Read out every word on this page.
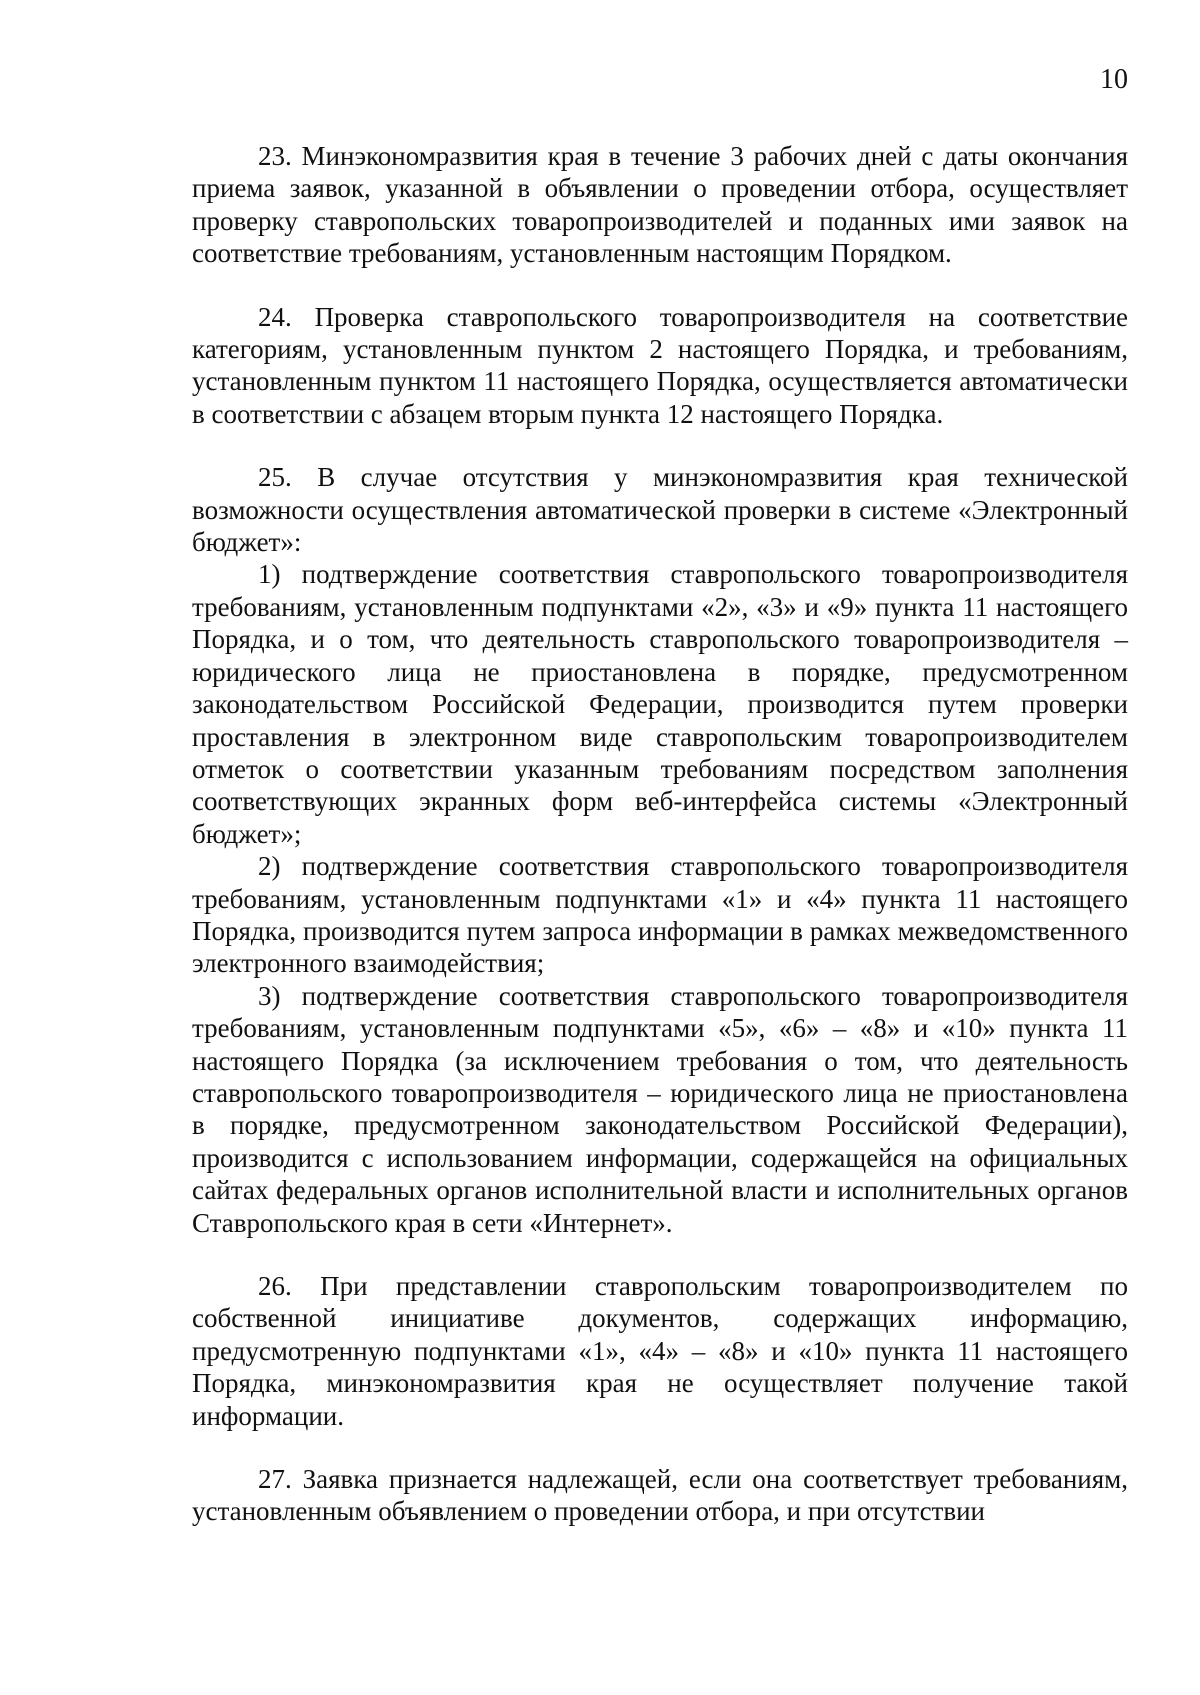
10

23. Минэкономразвития края в течение 3 рабочих дней с даты окончания приема заявок, указанной в объявлении о проведении отбора, осуществляет проверку ставропольских товаропроизводителей и поданных ими заявок на соответствие требованиям, установленным настоящим Порядком.

24. Проверка ставропольского товаропроизводителя на соответствие категориям, установленным пунктом 2 настоящего Порядка, и требованиям, установленным пунктом 11 настоящего Порядка, осуществляется автоматически в соответствии с абзацем вторым пункта 12 настоящего Порядка.

25. В случае отсутствия у минэкономразвития края технической возможности осуществления автоматической проверки в системе «Электронный бюджет»:

1) подтверждение соответствия ставропольского товаропроизводителя требованиям, установленным подпунктами «2», «3» и «9» пункта 11 настоящего Порядка, и о том, что деятельность ставропольского товаропроизводителя – юридического лица не приостановлена в порядке, предусмотренном законодательством Российской Федерации, производится путем проверки проставления в электронном виде ставропольским товаропроизводителем отметок о соответствии указанным требованиям посредством заполнения соответствующих экранных форм веб-интерфейса системы «Электронный бюджет»;

2) подтверждение соответствия ставропольского товаропроизводителя требованиям, установленным подпунктами «1» и «4» пункта 11 настоящего Порядка, производится путем запроса информации в рамках межведомственного электронного взаимодействия;

3) подтверждение соответствия ставропольского товаропроизводителя требованиям, установленным подпунктами «5», «6» – «8» и «10» пункта 11 настоящего Порядка (за исключением требования о том, что деятельность ставропольского товаропроизводителя – юридического лица не приостановлена в порядке, предусмотренном законодательством Российской Федерации), производится с использованием информации, содержащейся на официальных сайтах федеральных органов исполнительной власти и исполнительных органов Ставропольского края в сети «Интернет».

26. При представлении ставропольским товаропроизводителем по собственной инициативе документов, содержащих информацию, предусмотренную подпунктами «1», «4» – «8» и «10» пункта 11 настоящего Порядка, минэкономразвития края не осуществляет получение такой информации.

27. Заявка признается надлежащей, если она соответствует требованиям, установленным объявлением о проведении отбора, и при отсутствии
